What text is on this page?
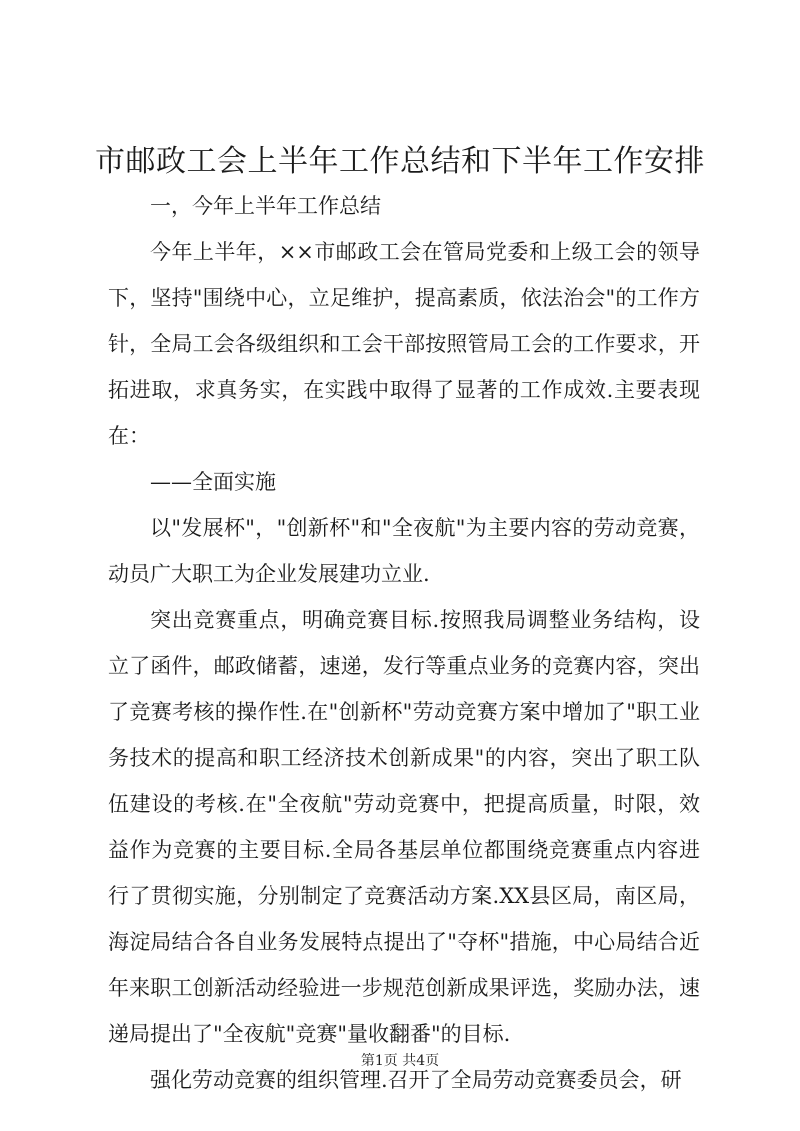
市邮政工会上半年工作总结和下半年工作安排

一，今年上半年工作总结

今年上半年，××市邮政工会在管局党委和上级工会的领导下，坚持"围绕中心，立足维护，提高素质，依法治会"的工作方针，全局工会各级组织和工会干部按照管局工会的工作要求，开拓进取，求真务实，在实践中取得了显著的工作成效.主要表现在：

——全面实施

以"发展杯"，"创新杯"和"全夜航"为主要内容的劳动竞赛，动员广大职工为企业发展建功立业.

突出竞赛重点，明确竞赛目标.按照我局调整业务结构，设立了函件，邮政储蓄，速递，发行等重点业务的竞赛内容，突出了竞赛考核的操作性.在"创新杯"劳动竞赛方案中增加了"职工业务技术的提高和职工经济技术创新成果"的内容，突出了职工队伍建设的考核.在"全夜航"劳动竞赛中，把提高质量，时限，效益作为竞赛的主要目标.全局各基层单位都围绕竞赛重点内容进行了贯彻实施，分别制定了竞赛活动方案.XX县区局，南区局，海淀局结合各自业务发展特点提出了"夺杯"措施，中心局结合近年来职工创新活动经验进一步规范创新成果评选，奖励办法，速递局提出了"全夜航"竞赛"量收翻番"的目标.

强化劳动竞赛的组织管理.召开了全局劳动竞赛委员会，研

第1页 共4页
